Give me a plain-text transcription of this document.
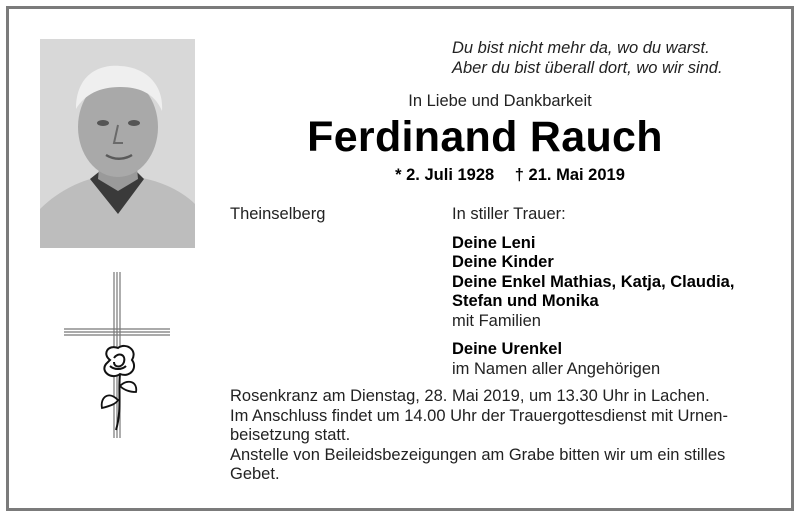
Du bist nicht mehr da, wo du warst.
Aber du bist überall dort, wo wir sind.
In Liebe und Dankbarkeit
Ferdinand Rauch
* 2. Juli 1928 † 21. Mai 2019
Theinselberg	In stiller Trauer:
Deine Leni
Deine Kinder
Deine Enkel Mathias, Katja, Claudia,
Stefan und Monika
mit Familien
Deine Urenkel
im Namen aller Angehörigen
Rosenkranz am Dienstag, 28. Mai 2019, um 13.30 Uhr in Lachen.
Im Anschluss findet um 14.00 Uhr der Trauergottesdienst mit Urnen-
beisetzung statt.
Anstelle von Beileidsbezeigungen am Grabe bitten wir um ein stilles
Gebet.
